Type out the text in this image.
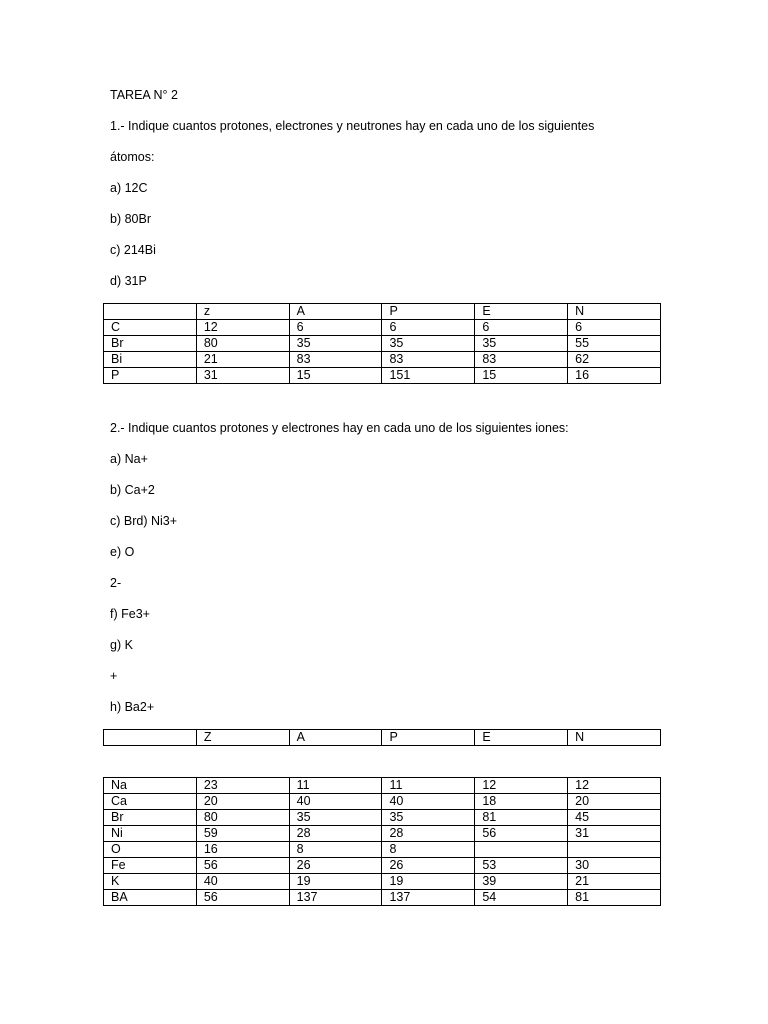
TAREA N° 2
1.- Indique cuantos protones, electrones y neutrones hay en cada uno de los siguientes
átomos:
a) 12C
b) 80Br
c) 214Bi
d) 31P
	z	A	P	E	N
C	12	6	6	6	6
Br	80	35	35	35	55
Bi	21	83	83	83	62
P	31	15	151	15	16
2.- Indique cuantos protones y electrones hay en cada uno de los siguientes iones:
a) Na+
b) Ca+2
c) Brd) Ni3+
e) O
2-
f) Fe3+
g) K
+
h) Ba2+
	Z	A	P	E	N
Na	23	11	11	12	12
Ca	20	40	40	18	20
Br	80	35	35	81	45
Ni	59	28	28	56	31
O	16	8	8		
Fe	56	26	26	53	30
K	40	19	19	39	21
BA	56	137	137	54	81
